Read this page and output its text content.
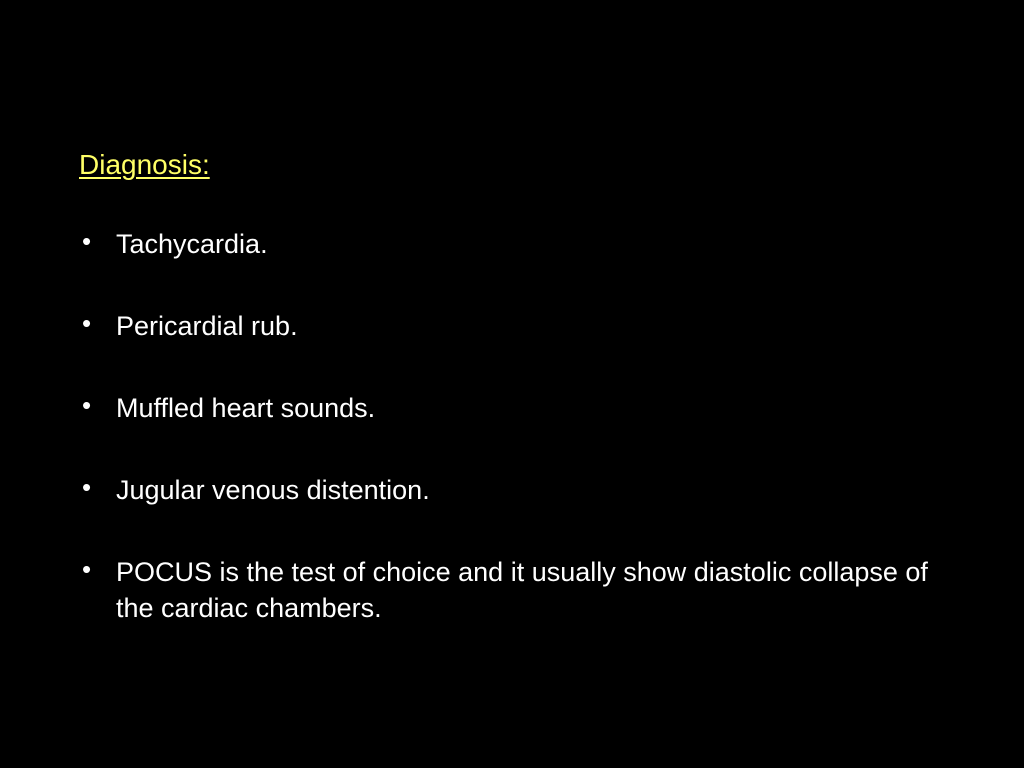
Diagnosis:
• Tachycardia.
• Pericardial rub.
• Muffled heart sounds.
• Jugular venous distention.
• POCUS is the test of choice and it usually show diastolic collapse of the cardiac chambers.
